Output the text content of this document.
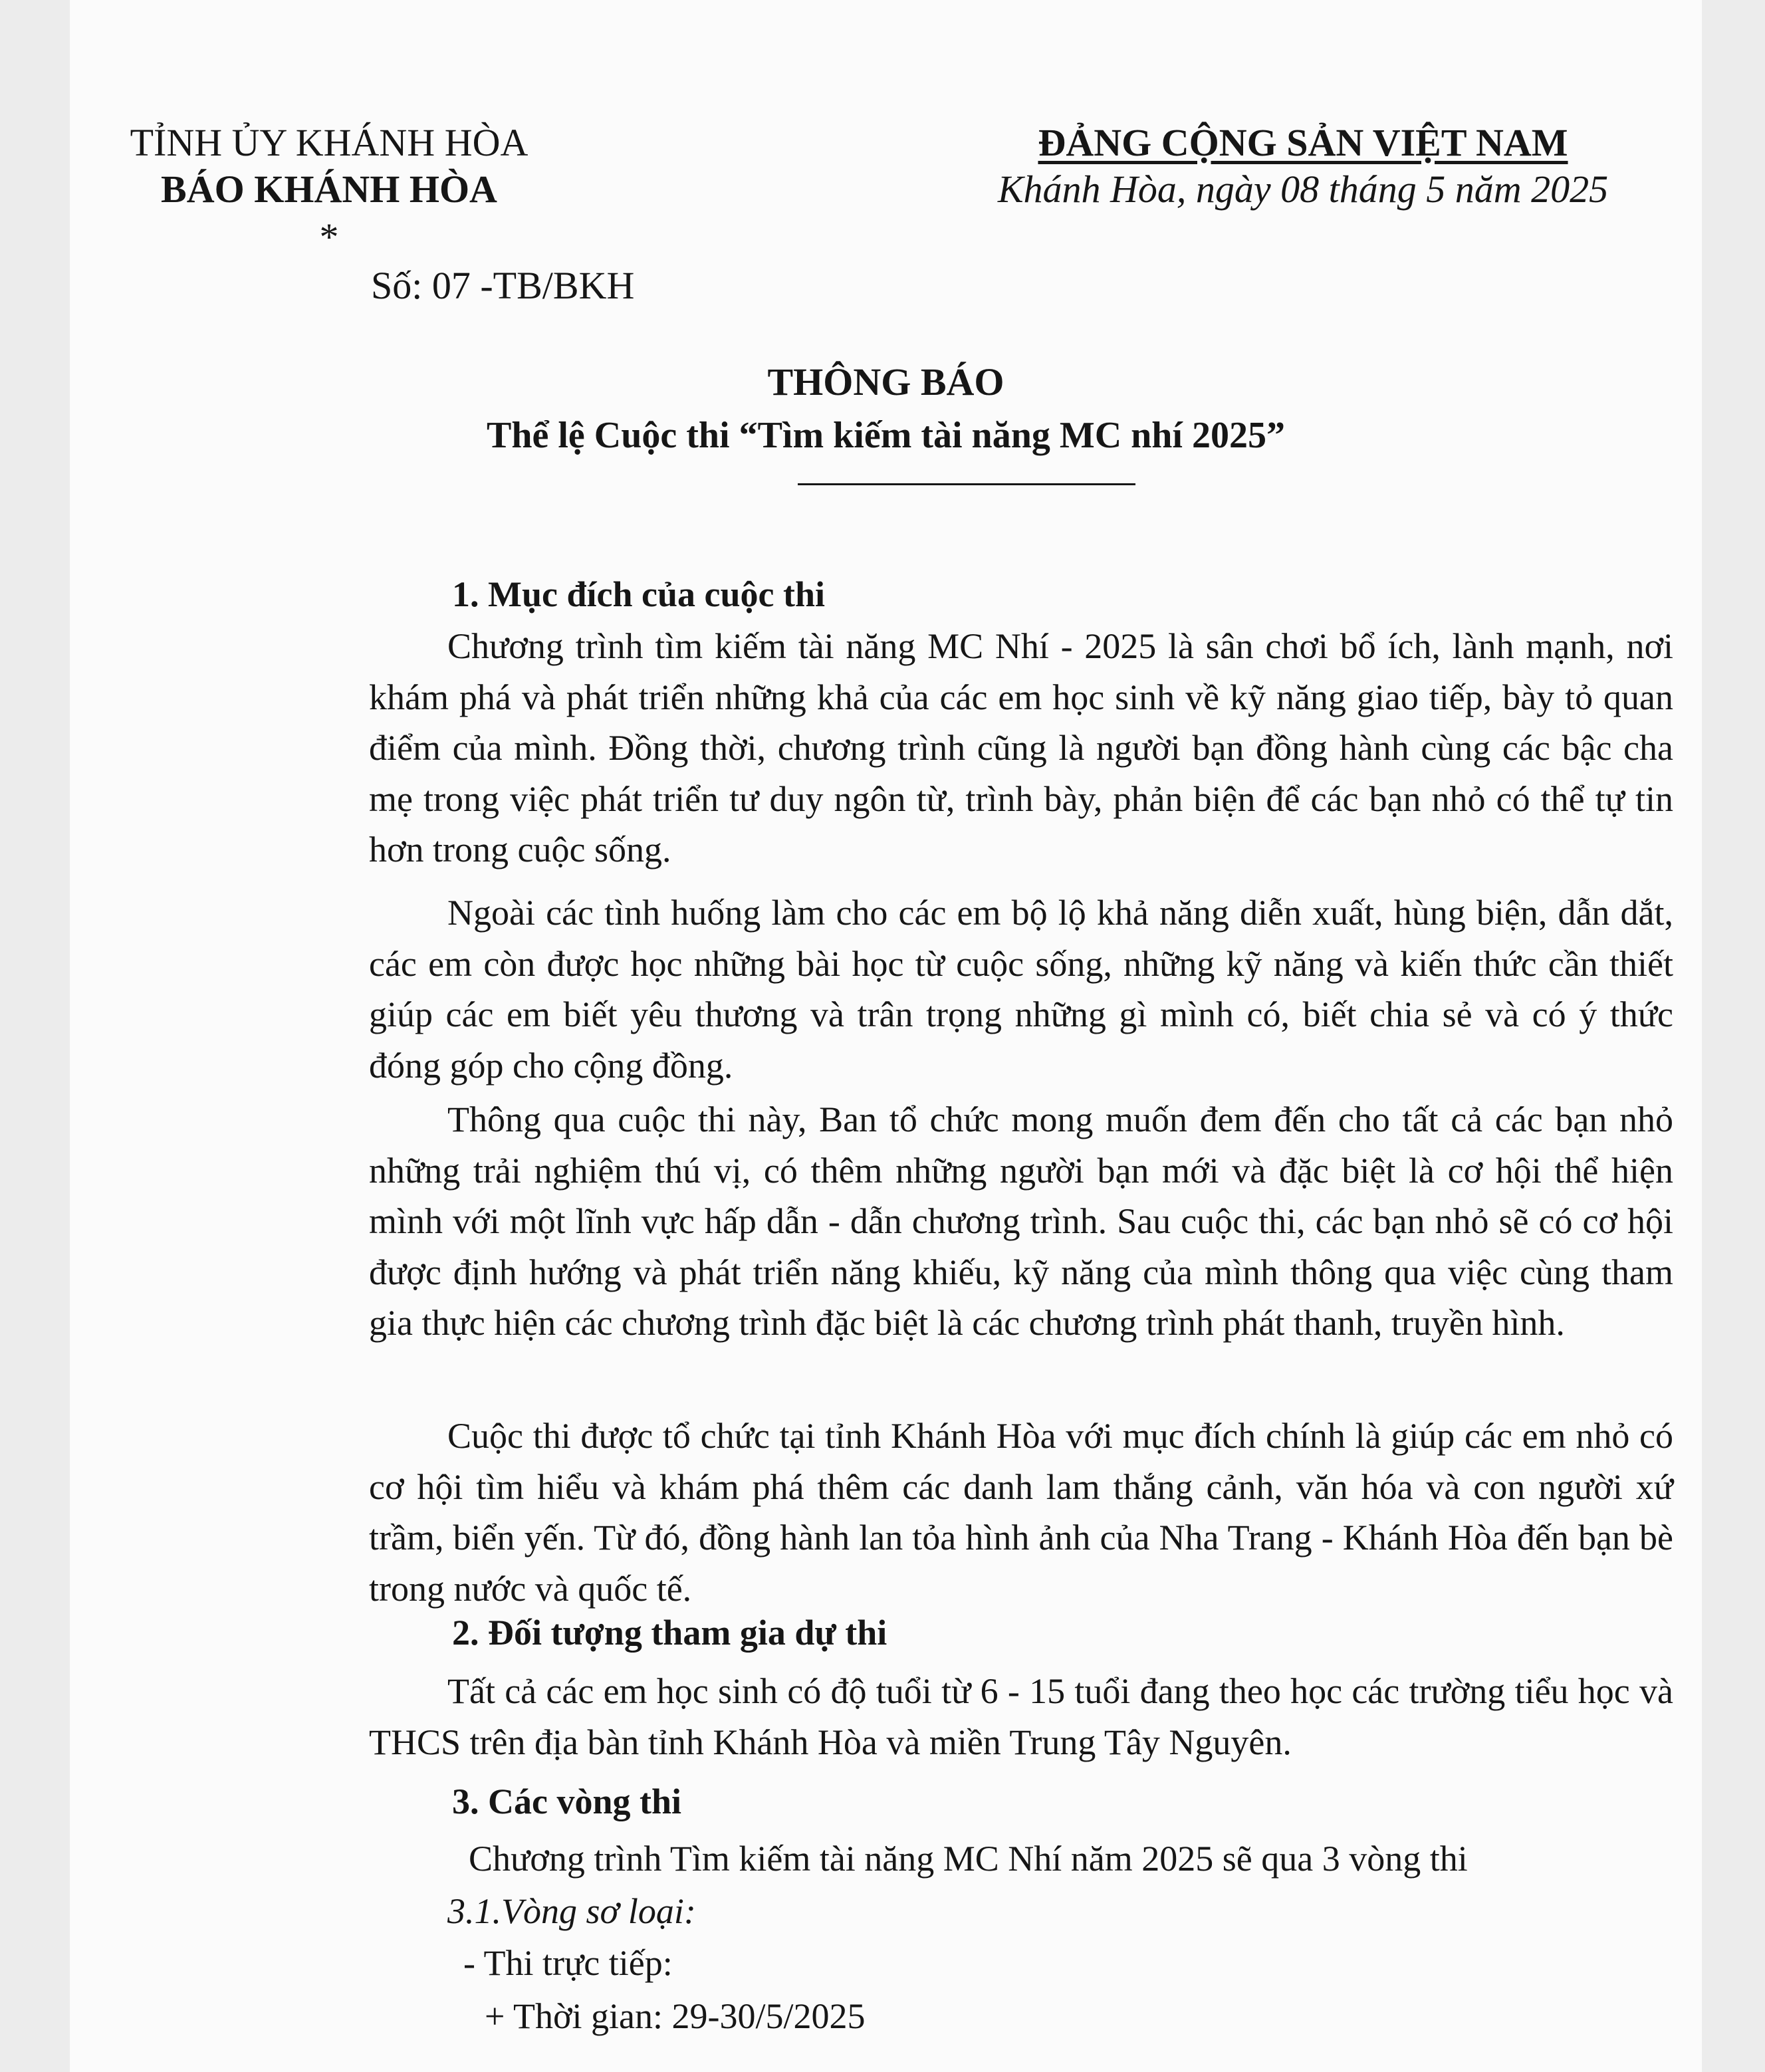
TỈNH ỦY KHÁNH HÒA
BÁO KHÁNH HÒA
*
Số: 07 -TB/BKH
ĐẢNG CỘNG SẢN VIỆT NAM
Khánh Hòa, ngày 08 tháng 5 năm 2025
THÔNG BÁO
Thể lệ Cuộc thi “Tìm kiếm tài năng MC nhí 2025”
1. Mục đích của cuộc thi
Chương trình tìm kiếm tài năng MC Nhí - 2025 là sân chơi bổ ích, lành mạnh, nơi khám phá và phát triển những khả của các em học sinh về kỹ năng giao tiếp, bày tỏ quan điểm của mình. Đồng thời, chương trình cũng là người bạn đồng hành cùng các bậc cha mẹ trong việc phát triển tư duy ngôn từ, trình bày, phản biện để các bạn nhỏ có thể tự tin hơn trong cuộc sống.
Ngoài các tình huống làm cho các em bộ lộ khả năng diễn xuất, hùng biện, dẫn dắt, các em còn được học những bài học từ cuộc sống, những kỹ năng và kiến thức cần thiết giúp các em biết yêu thương và trân trọng những gì mình có, biết chia sẻ và có ý thức đóng góp cho cộng đồng.
Thông qua cuộc thi này, Ban tổ chức mong muốn đem đến cho tất cả các bạn nhỏ những trải nghiệm thú vị, có thêm những người bạn mới và đặc biệt là cơ hội thể hiện mình với một lĩnh vực hấp dẫn - dẫn chương trình. Sau cuộc thi, các bạn nhỏ sẽ có cơ hội được định hướng và phát triển năng khiếu, kỹ năng của mình thông qua việc cùng tham gia thực hiện các chương trình đặc biệt là các chương trình phát thanh, truyền hình.
Cuộc thi được tổ chức tại tỉnh Khánh Hòa với mục đích chính là giúp các em nhỏ có cơ hội tìm hiểu và khám phá thêm các danh lam thắng cảnh, văn hóa và con người xứ trầm, biển yến. Từ đó, đồng hành lan tỏa hình ảnh của Nha Trang - Khánh Hòa đến bạn bè trong nước và quốc tế.
2. Đối tượng tham gia dự thi
Tất cả các em học sinh có độ tuổi từ 6 - 15 tuổi đang theo học các trường tiểu học và THCS trên địa bàn tỉnh Khánh Hòa và miền Trung Tây Nguyên.
3. Các vòng thi
Chương trình Tìm kiếm tài năng MC Nhí năm 2025 sẽ qua 3 vòng thi
3.1.Vòng sơ loại:
- Thi trực tiếp:
+ Thời gian: 29-30/5/2025
